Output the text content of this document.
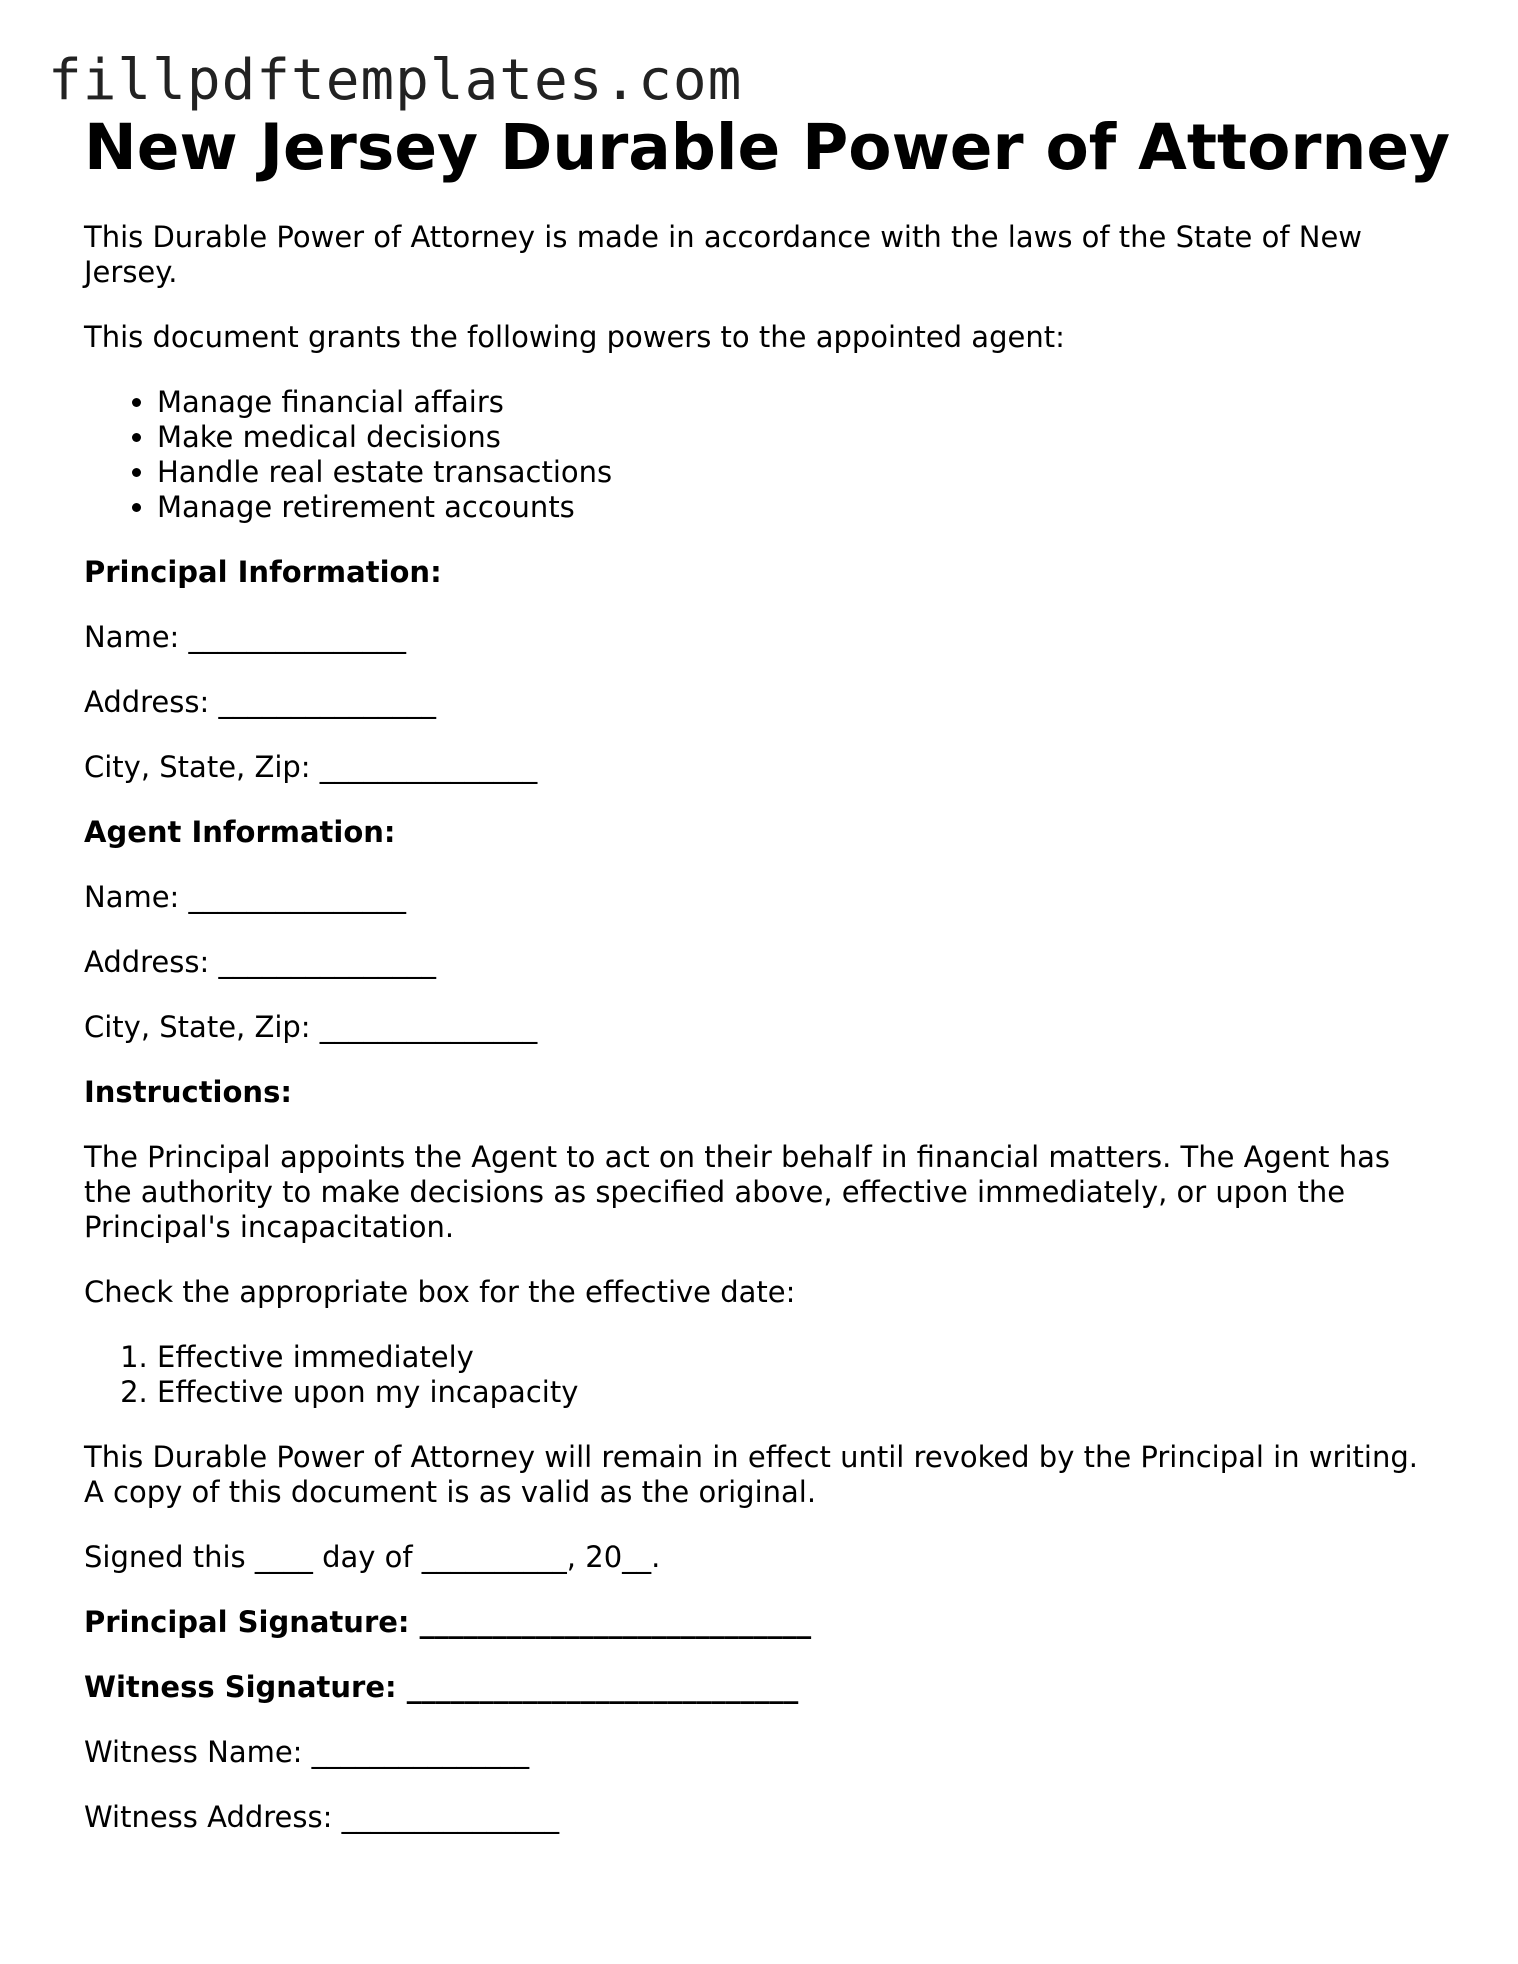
fillpdftemplates.com
New Jersey Durable Power of Attorney

This Durable Power of Attorney is made in accordance with the laws of the State of New Jersey.

This document grants the following powers to the appointed agent:

• Manage financial affairs
• Make medical decisions
• Handle real estate transactions
• Manage retirement accounts

Principal Information:

Name: _______________

Address: _______________

City, State, Zip: _______________

Agent Information:

Name: _______________

Address: _______________

City, State, Zip: _______________

Instructions:

The Principal appoints the Agent to act on their behalf in financial matters. The Agent has the authority to make decisions as specified above, effective immediately, or upon the Principal's incapacitation.

Check the appropriate box for the effective date:

1. Effective immediately
2. Effective upon my incapacity

This Durable Power of Attorney will remain in effect until revoked by the Principal in writing. A copy of this document is as valid as the original.

Signed this ____ day of __________, 20__.

Principal Signature: ___________________________

Witness Signature: ___________________________

Witness Name: _______________

Witness Address: _______________
